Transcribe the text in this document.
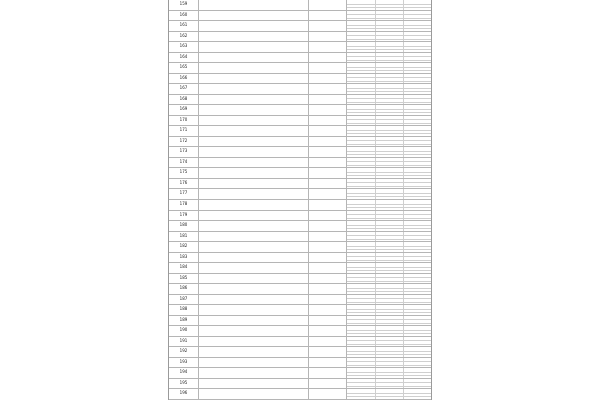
159
160
161
162
163
164
165
166
167
168
169
170
171
172
173
174
175
176
177
178
179
180
181
182
183
184
185
186
187
188
189
190
191
192
193
194
195
196
